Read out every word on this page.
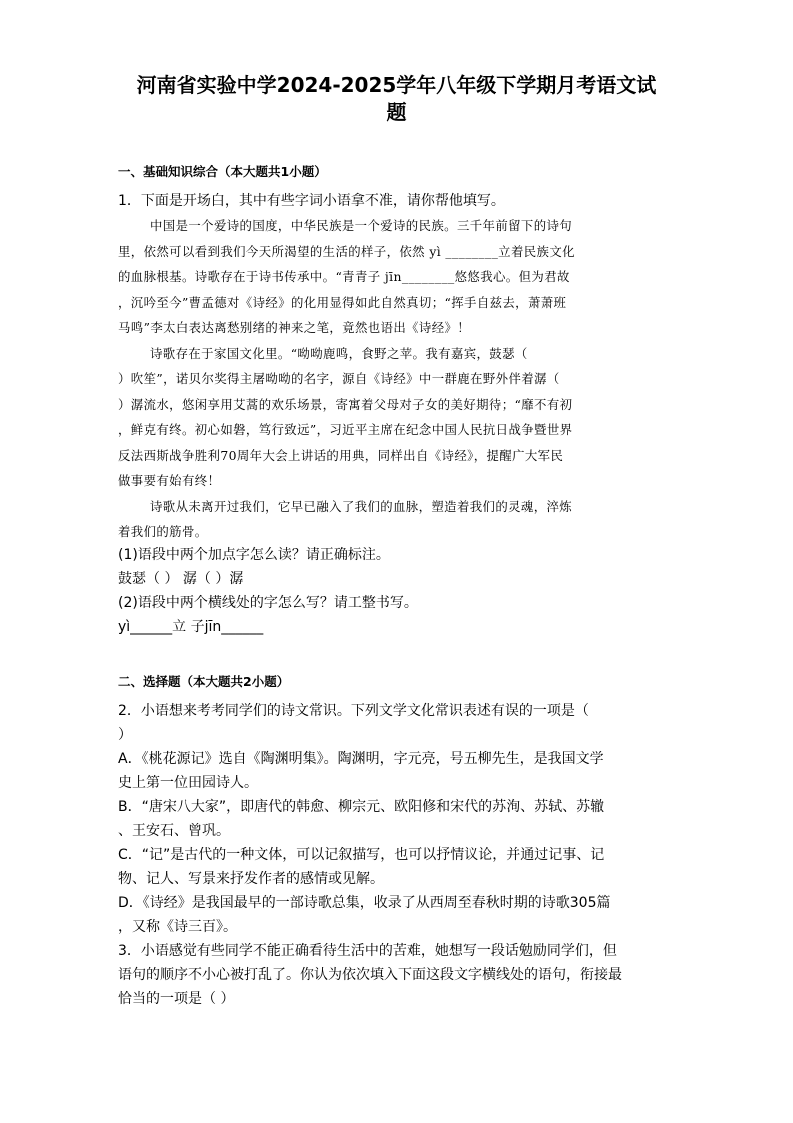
河南省实验中学2024-2025学年八年级下学期月考语文试
题
一、基础知识综合（本大题共1小题）
1．下面是开场白，其中有些字词小语拿不准，请你帮他填写。
中国是一个爱诗的国度，中华民族是一个爱诗的民族。三千年前留下的诗句
里，依然可以看到我们今天所渴望的生活的样子，依然 yì ________立着民族文化
的血脉根基。诗歌存在于诗书传承中。“青青子 jīn________悠悠我心。但为君故
，沉吟至今”曹孟德对《诗经》的化用显得如此自然真切；“挥手自兹去，萧萧班
马鸣”李太白表达离愁别绪的神来之笔，竟然也语出《诗经》！
诗歌存在于家国文化里。“呦呦鹿鸣，食野之苹。我有嘉宾，鼓瑟（
）吹笙”，诺贝尔奖得主屠呦呦的名字，源自《诗经》中一群鹿在野外伴着潺（
）潺流水，悠闲享用艾蒿的欢乐场景，寄寓着父母对子女的美好期待；“靡不有初
，鲜克有终。初心如磐，笃行致远”，习近平主席在纪念中国人民抗日战争暨世界
反法西斯战争胜利70周年大会上讲话的用典，同样出自《诗经》，提醒广大军民
做事要有始有终！
诗歌从未离开过我们，它早已融入了我们的血脉，塑造着我们的灵魂，淬炼
着我们的筋骨。
(1)语段中两个加点字怎么读？请正确标注。
鼓瑟（ ） 潺（ ）潺
(2)语段中两个横线处的字怎么写？请工整书写。
yì______立 子jīn______
二、选择题（本大题共2小题）
2．小语想来考考同学们的诗文常识。下列文学文化常识表述有误的一项是（
）
A．《桃花源记》选自《陶渊明集》。陶渊明，字元亮，号五柳先生，是我国文学
史上第一位田园诗人。
B．“唐宋八大家”，即唐代的韩愈、柳宗元、欧阳修和宋代的苏洵、苏轼、苏辙
、王安石、曾巩。
C．“记”是古代的一种文体，可以记叙描写，也可以抒情议论，并通过记事、记
物、记人、写景来抒发作者的感情或见解。
D．《诗经》是我国最早的一部诗歌总集，收录了从西周至春秋时期的诗歌305篇
，又称《诗三百》。
3．小语感觉有些同学不能正确看待生活中的苦难，她想写一段话勉励同学们，但
语句的顺序不小心被打乱了。你认为依次填入下面这段文字横线处的语句，衔接最
恰当的一项是（ ）
